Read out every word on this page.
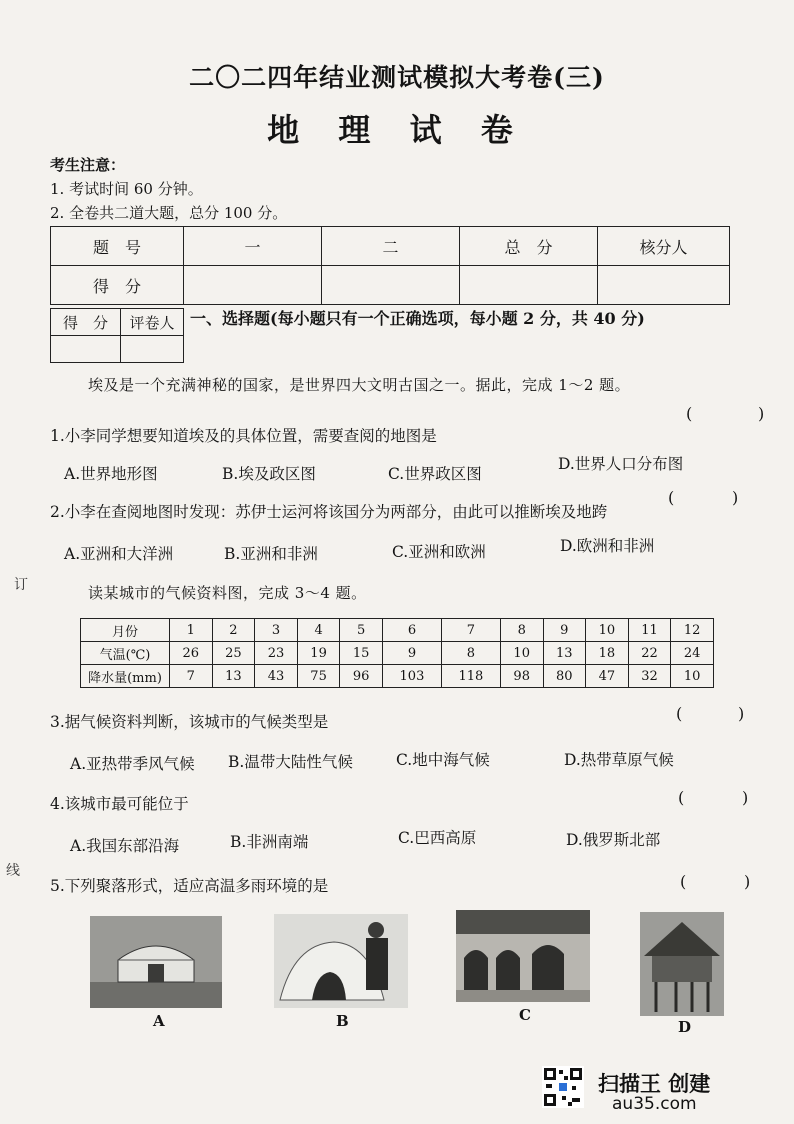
二〇二四年结业测试模拟大考卷(三)
地 理 试 卷
考生注意：
1. 考试时间 60 分钟。
2. 全卷共二道大题，总分 100 分。
题　号	一	二	总　分	核分人
得　分				
得　分	评卷人
	一、选择题(每小题只有一个正确选项，每小题 2 分，共 40 分)
埃及是一个充满神秘的国家，是世界四大文明古国之一。据此，完成 1～2 题。
1.小李同学想要知道埃及的具体位置，需要查阅的地图是
(	)
A.世界地形图	B.埃及政区图	C.世界政区图
D.世界人口分布图
2.小李在查阅地图时发现：苏伊士运河将该国分为两部分，由此可以推断埃及地跨
(	)
A.亚洲和大洋洲	B.亚洲和非洲	C.亚洲和欧洲	D.欧洲和非洲
读某城市的气候资料图，完成 3～4 题。
月份	1	2	3	4	5	6	7	8	9	10	11	12
气温(℃)	26	25	23	19	15	9	8	10	13	18	22	24
降水量(mm)	7	13	43	75	96	103	118	98	80	47	32	10
3.据气候资料判断，该城市的气候类型是	(	)
A.亚热带季风气候 B.温带大陆性气候	C.地中海气候	D.热带草原气候
4.该城市最可能位于	(	)
A.我国东部沿海	B.非洲南端	C.巴西高原	D.俄罗斯北部
5.下列聚落形式，适应高温多雨环境的是	(	)
A	B	C
D
订
线
扫描王 创建
au35.com
